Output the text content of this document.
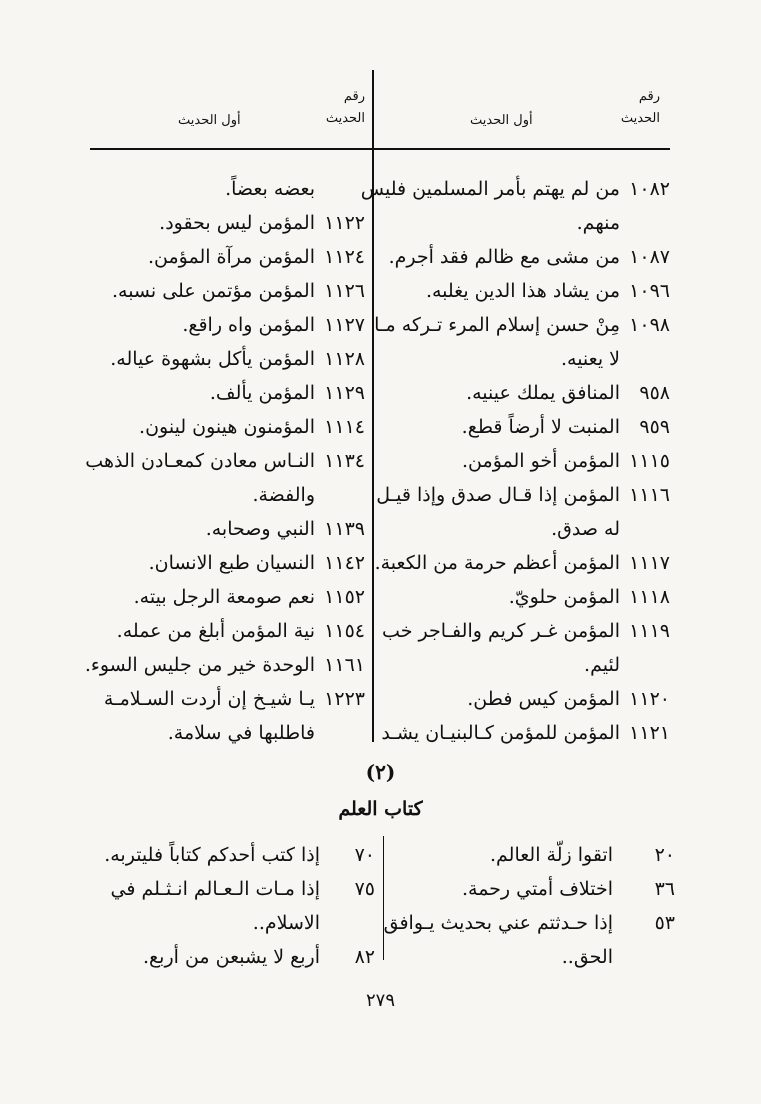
رقم
الحديث
أول الحديث
رقم
الحديث
أول الحديث
١٠٨٢
من لم يهتم بأمر المسلمين فليس
منهم.
١٠٨٧
من مشى مع ظالم فقد أجرم.
١٠٩٦
من يشاد هذا الدين يغلبه.
١٠٩٨
مِنْ حسن إسلام المرء تـركه مـا
لا يعنيه.
٩٥٨
المنافق يملك عينيه.
٩٥٩
المنبت لا أرضاً قطع.
١١١٥
المؤمن أخو المؤمن.
١١١٦
المؤمن إذا قـال صدق وإذا قيـل
له صدق.
١١١٧
المؤمن أعظم حرمة من الكعبة.
١١١٨
المؤمن حلويّ.
١١١٩
المؤمن غـر كريم والفـاجر خب
لئيم.
١١٢٠
المؤمن كيس فطن.
١١٢١
المؤمن للمؤمن كـالبنيـان يشـد
بعضه بعضاً.
١١٢٢
المؤمن ليس بحقود.
١١٢٤
المؤمن مرآة المؤمن.
١١٢٦
المؤمن مؤتمن على نسبه.
١١٢٧
المؤمن واه راقع.
١١٢٨
المؤمن يأكل بشهوة عياله.
١١٢٩
المؤمن يألف.
١١١٤
المؤمنون هينون لينون.
١١٣٤
النـاس معادن كمعـادن الذهب
والفضة.
١١٣٩
النبي وصحابه.
١١٤٢
النسيان طبع الانسان.
١١٥٢
نعم صومعة الرجل بيته.
١١٥٤
نية المؤمن أبلغ من عمله.
١١٦١
الوحدة خير من جليس السوء.
١٢٢٣
يـا شيـخ إن أردت السـلامـة
فاطلبها في سلامة.
(٢)
كتاب العلم
٢٠
اتقوا زلّة العالم.
٣٦
اختلاف أمتي رحمة.
٥٣
إذا حـدثتم عني بحديث يـوافق
الحق..
٧٠
إذا كتب أحدكم كتاباً فليتربه.
٧٥
إذا مـات الـعـالم انـثـلم في
الاسلام..
٨٢
أربع لا يشبعن من أربع.
٢٧٩
